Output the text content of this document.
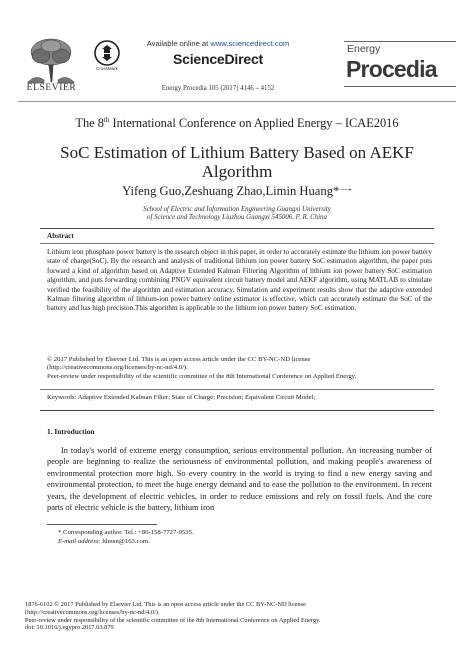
ELSEVIER
CrossMark
Available online at www.sciencedirect.com
ScienceDirect
Energy Procedia 105 (2017) 4146 – 4152
Energy
Procedia
The 8th International Conference on Applied Energy – ICAE2016
SoC Estimation of Lithium Battery Based on AEKF
Algorithm
Yifeng Guo,Zeshuang Zhao,Limin Huang*一
School of Electric and Information Engineering Guangxi University
of Science and Technology Liuzhou Guangxi 545006, P. R. China
Abstract
Lithium iron phosphate power battery is the research object in this paper, in order to accurately estimate the lithium ion power battery state of charge(SoC). By the research and analysis of traditional lithium ion power battery SoC estimation algorithm, the paper puts forward a kind of algorithm based on Adaptive Extended Kalman Filtering Algorithm of lithium ion power battery SoC estimation algorithm, and puts forwarding combining PNGV equivalent circuit battery model and AEKF algorithm, using MATLAB to simulate verified the feasibility of the algorithm and estimation accuracy. Simulation and experiment results show that the adaptive extended Kalman filtering algorithm of lithium-ion power battery online estimator is effective, which can accurately estimate the SoC of the battery and has high precision.This algorithm is applicable to the lithium ion power battery SoC estimation.
© 2017 Published by Elsevier Ltd. This is an open access article under the CC BY-NC-ND license
(http://creativecommons.org/licenses/by-nc-nd/4.0/).
Peer-review under responsibility of the scientific committee of the 8th International Conference on Applied Energy.
Keywords: Adaptive Extended Kalman Filter; State of Charge; Precision; Equivalent Circuit Model;
1. Introduction
In today's world of extreme energy consumption, serious environmental pollution. An increasing number of people are beginning to realize the seriousness of environmental pollution, and making people's awareness of environmental protection more high. So every country in the world is trying to find a new energy saving and environmental protection, to meet the huge energy demand and to ease the pollution to the environment. In recent years, the development of electric vehicles, in order to reduce emissions and rely on fossil fuels. And the core parts of electric vehicle is the battery, lithium iron
* Corresponding author. Tel.: +86-158-7727-9535.
E-mail address: hlmsn@163.com.
1876-6102 © 2017 Published by Elsevier Ltd. This is an open access article under the CC BY-NC-ND license
(http://creativecommons.org/licenses/by-nc-nd/4.0/).
Peer-review under responsibility of the scientific committee of the 8th International Conference on Applied Energy.
doi: 10.1016/j.egypro.2017.03.879
